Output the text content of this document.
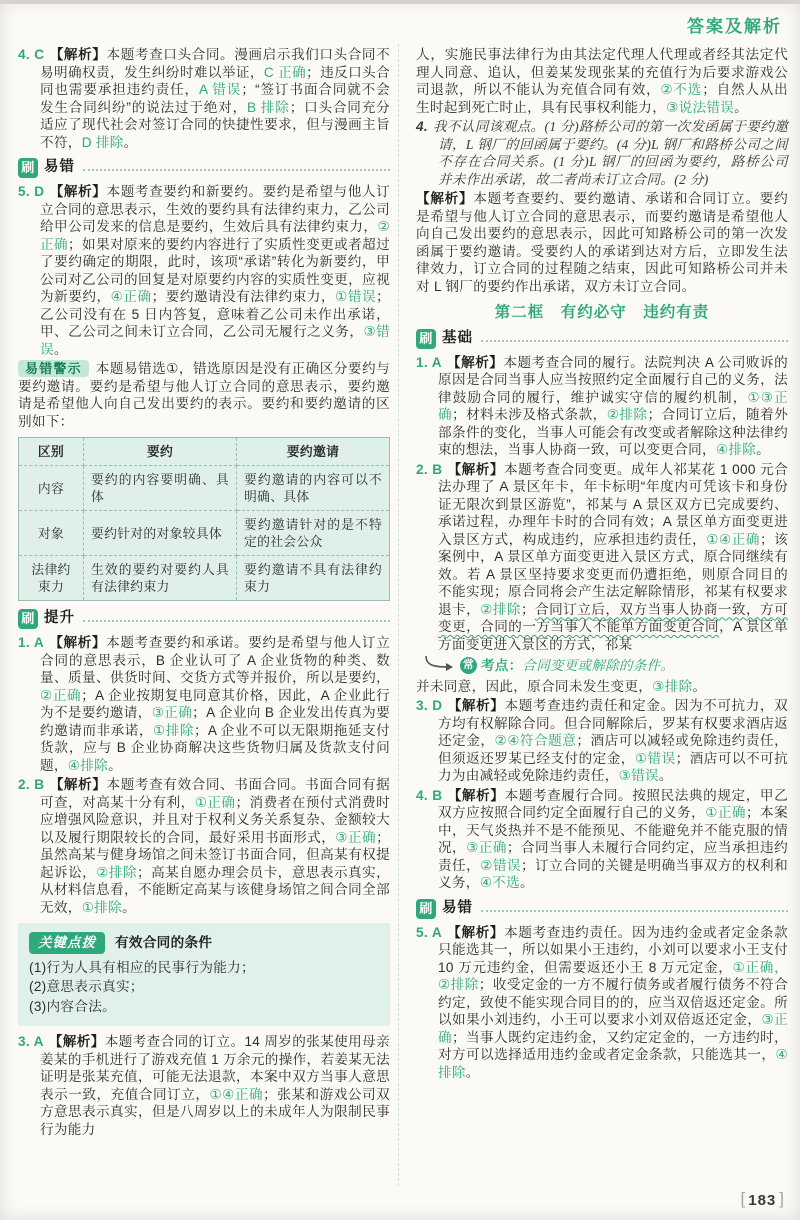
答案及解析
4. C 【解析】本题考查口头合同。漫画启示我们口头合同不易明确权责，发生纠纷时难以举证，C 正确；违反口头合同也需要承担违约责任，A 错误；“签订书面合同就不会发生合同纠纷”的说法过于绝对，B 排除；口头合同充分适应了现代社会对签订合同的快捷性要求，但与漫画主旨不符，D 排除。
刷 易错
5. D 【解析】本题考查要约和新要约。要约是希望与他人订立合同的意思表示，生效的要约具有法律约束力，乙公司给甲公司发来的信息是要约，生效后具有法律约束力，②正确；如果对原来的要约内容进行了实质性变更或者超过了要约确定的期限，此时，该项“承诺”转化为新要约，甲公司对乙公司的回复是对原要约内容的实质性变更，应视为新要约，④正确；要约邀请没有法律约束力，①错误；乙公司没有在 5 日内答复，意味着乙公司未作出承诺，甲、乙公司之间未订立合同，乙公司无履行之义务，③错误。
易错警示 本题易错选①，错选原因是没有正确区分要约与要约邀请。要约是希望与他人订立合同的意思表示，要约邀请是希望他人向自己发出要约的表示。要约和要约邀请的区别如下：
区别	要约	要约邀请
内容	要约的内容要明确、具体	要约邀请的内容可以不明确、具体
对象	要约针对的对象较具体	要约邀请针对的是不特定的社会公众
法律约束力	生效的要约对要约人具有法律约束力	要约邀请不具有法律约束力
刷 提升
1. A 【解析】本题考查要约和承诺。要约是希望与他人订立合同的意思表示，B 企业认可了 A 企业货物的种类、数量、质量、供货时间、交货方式等并报价，所以是要约，②正确；A 企业按期复电同意其价格，因此，A 企业此行为不是要约邀请，③正确；A 企业向 B 企业发出传真为要约邀请而非承诺，①排除；A 企业不可以无限期拖延支付货款，应与 B 企业协商解决这些货物归属及货款支付问题，④排除。
2. B 【解析】本题考查有效合同、书面合同。书面合同有据可查，对高某十分有利，①正确；消费者在预付式消费时应增强风险意识，并且对于权利义务关系复杂、金额较大以及履行期限较长的合同，最好采用书面形式，③正确；虽然高某与健身场馆之间未签订书面合同，但高某有权提起诉讼，②排除；高某自愿办理会员卡，意思表示真实，从材料信息看，不能断定高某与该健身场馆之间合同全部无效，①排除。
关键点拨	有效合同的条件
(1)行为人具有相应的民事行为能力；
(2)意思表示真实；
(3)内容合法。
3. A 【解析】本题考查合同的订立。14 周岁的张某使用母亲姜某的手机进行了游戏充值 1 万余元的操作，若姜某无法证明是张某充值，可能无法退款，本案中双方当事人意思表示一致，充值合同订立，①④正确；张某和游戏公司双方意思表示真实，但是八周岁以上的未成年人为限制民事行为能力
人，实施民事法律行为由其法定代理人代理或者经其法定代理人同意、追认，但姜某发现张某的充值行为后要求游戏公司退款，所以不能认为充值合同有效，②不选；自然人从出生时起到死亡时止，具有民事权利能力，③说法错误。
4. 我不认同该观点。(1 分)路桥公司的第一次发函属于要约邀请，L 钢厂的回函属于要约。(4 分)L 钢厂和路桥公司之间不存在合同关系。(1 分)L 钢厂的回函为要约，路桥公司并未作出承诺，故二者尚未订立合同。(2 分)
【解析】本题考查要约、要约邀请、承诺和合同订立。要约是希望与他人订立合同的意思表示，而要约邀请是希望他人向自己发出要约的意思表示，因此可知路桥公司的第一次发函属于要约邀请。受要约人的承诺到达对方后，立即发生法律效力，订立合同的过程随之结束，因此可知路桥公司并未对 L 钢厂的要约作出承诺，双方未订立合同。
第二框　有约必守　违约有责
刷 基础
1. A 【解析】本题考查合同的履行。法院判决 A 公司败诉的原因是合同当事人应当按照约定全面履行自己的义务，法律鼓励合同的履行，维护诚实守信的履约机制，①③正确；材料未涉及格式条款，②排除；合同订立后，随着外部条件的变化，当事人可能会有改变或者解除这种法律约束的想法，当事人协商一致，可以变更合同，④排除。
2. B 【解析】本题考查合同变更。成年人祁某花 1 000 元合法办理了 A 景区年卡，年卡标明“年度内可凭该卡和身份证无限次到景区游览”，祁某与 A 景区双方已完成要约、承诺过程，办理年卡时的合同有效；A 景区单方面变更进入景区方式，构成违约，应承担违约责任，①④正确；该案例中，A 景区单方面变更进入景区方式，原合同继续有效。若 A 景区坚持要求变更而仍遭拒绝，则原合同目的不能实现；原合同将会产生法定解除情形，祁某有权要求退卡，②排除；合同订立后，双方当事人协商一致，方可变更，合同的一方当事人不能单方面变更合同，A 景区单方面变更进入景区的方式，祁某
常 考点： 合同变更或解除的条件。
并未同意，因此，原合同未发生变更，③排除。
3. D 【解析】本题考查违约责任和定金。因为不可抗力，双方均有权解除合同。但合同解除后，罗某有权要求酒店返还定金，②④符合题意；酒店可以减轻或免除违约责任，但须返还罗某已经支付的定金，①错误；酒店可以不可抗力为由减轻或免除违约责任，③错误。
4. B 【解析】本题考查履行合同。按照民法典的规定，甲乙双方应按照合同约定全面履行自己的义务，①正确；本案中，天气炎热并不是不能预见、不能避免并不能克服的情况，③正确；合同当事人未履行合同约定，应当承担违约责任，②错误；订立合同的关键是明确当事双方的权利和义务，④不选。
刷 易错
5. A 【解析】本题考查违约责任。因为违约金或者定金条款只能选其一，所以如果小王违约，小刘可以要求小王支付 10 万元违约金，但需要返还小王 8 万元定金，①正确，②排除；收受定金的一方不履行债务或者履行债务不符合约定，致使不能实现合同目的的，应当双倍返还定金。所以如果小刘违约，小王可以要求小刘双倍返还定金，③正确；当事人既约定违约金，又约定定金的，一方违约时，对方可以选择适用违约金或者定金条款，只能选其一，④排除。
[ 183 ]
